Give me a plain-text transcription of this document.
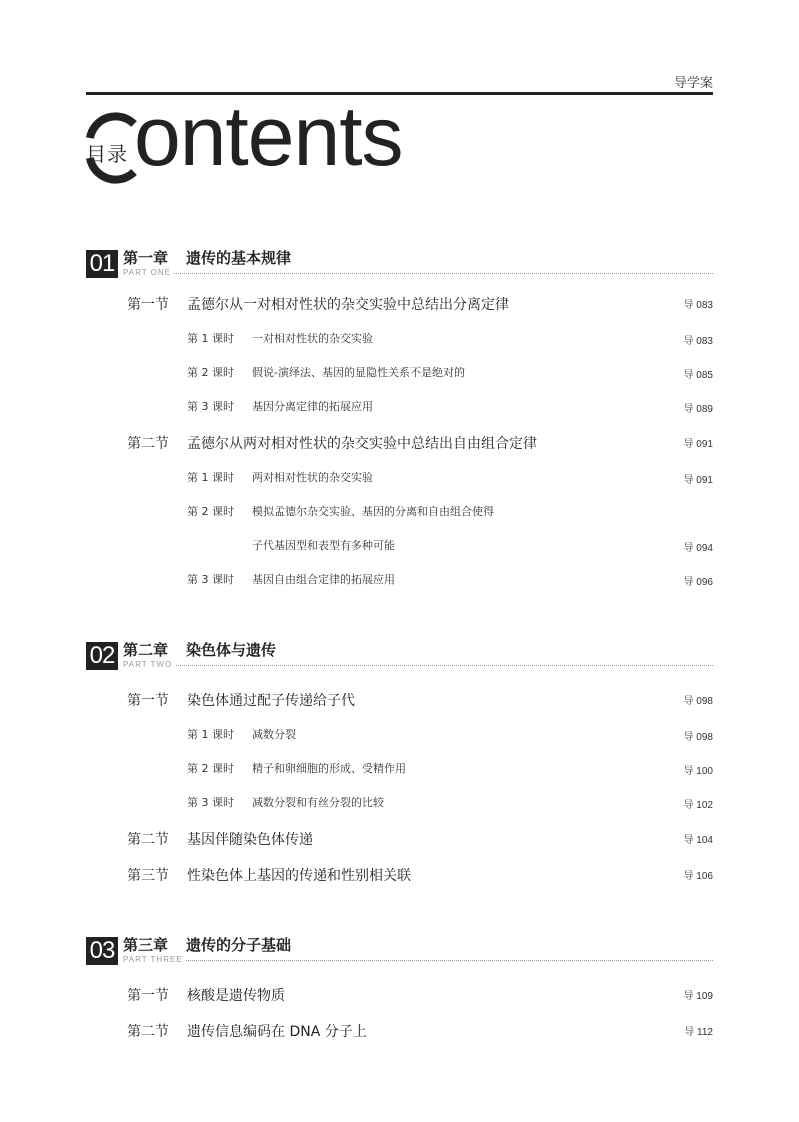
导学案
ontents
目录
01 第一章 遗传的基本规律
PART ONE
第一节 孟德尔从一对相对性状的杂交实验中总结出分离定律	导 083
第 1 课时 一对相对性状的杂交实验	导 083
第 2 课时 假说-演绎法、基因的显隐性关系不是绝对的	导 085
第 3 课时 基因分离定律的拓展应用	导 089
第二节 孟德尔从两对相对性状的杂交实验中总结出自由组合定律	导 091
第 1 课时 两对相对性状的杂交实验	导 091
第 2 课时 模拟孟德尔杂交实验、基因的分离和自由组合使得
子代基因型和表型有多种可能	导 094
第 3 课时 基因自由组合定律的拓展应用	导 096
02 第二章 染色体与遗传
PART TWO
第一节 染色体通过配子传递给子代	导 098
第 1 课时 减数分裂	导 098
第 2 课时 精子和卵细胞的形成、受精作用	导 100
第 3 课时 减数分裂和有丝分裂的比较	导 102
第二节 基因伴随染色体传递	导 104
第三节 性染色体上基因的传递和性别相关联	导 106
03 第三章 遗传的分子基础
PART THREE
第一节 核酸是遗传物质	导 109
第二节 遗传信息编码在 DNA 分子上	导 112
